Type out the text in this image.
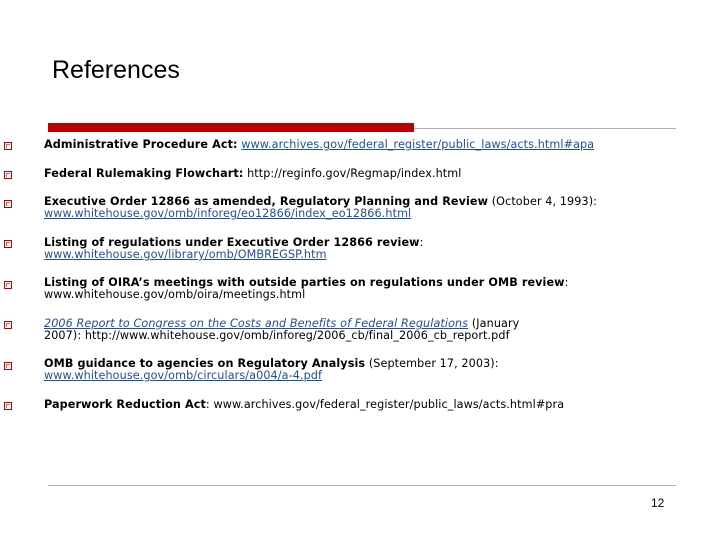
References
Administrative Procedure Act: www.archives.gov/federal_register/public_laws/acts.html#apa
Federal Rulemaking Flowchart: http://reginfo.gov/Regmap/index.html
Executive Order 12866 as amended, Regulatory Planning and Review (October 4, 1993):
www.whitehouse.gov/omb/inforeg/eo12866/index_eo12866.html
Listing of regulations under Executive Order 12866 review:
www.whitehouse.gov/library/omb/OMBREGSP.htm
Listing of OIRA’s meetings with outside parties on regulations under OMB review:
www.whitehouse.gov/omb/oira/meetings.html
2006 Report to Congress on the Costs and Benefits of Federal Regulations (January
2007): http://www.whitehouse.gov/omb/inforeg/2006_cb/final_2006_cb_report.pdf
OMB guidance to agencies on Regulatory Analysis (September 17, 2003):
www.whitehouse.gov/omb/circulars/a004/a-4.pdf
Paperwork Reduction Act: www.archives.gov/federal_register/public_laws/acts.html#pra
12
